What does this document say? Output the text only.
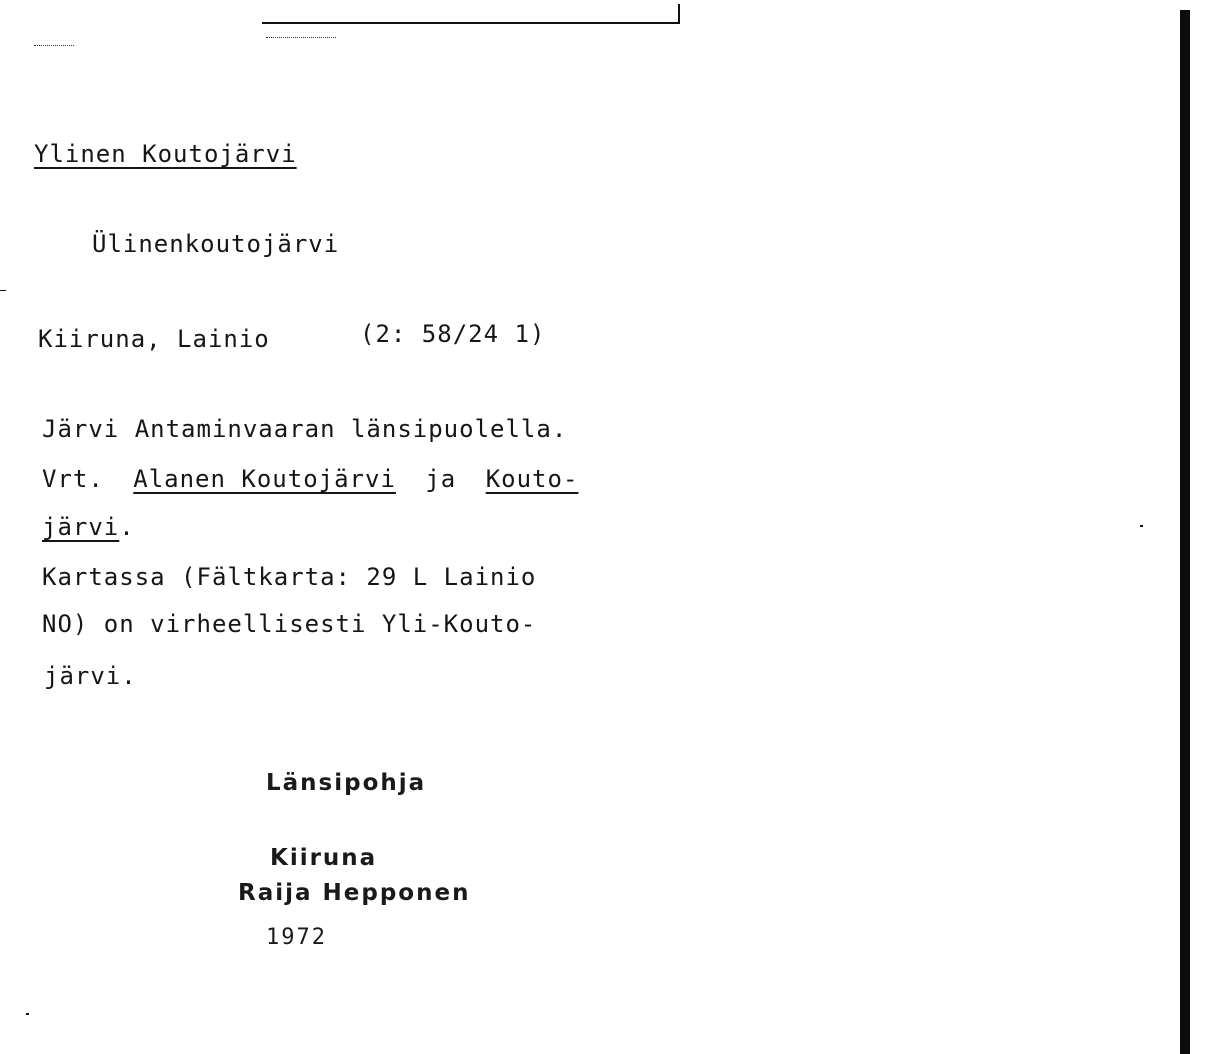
Ylinen Koutojärvi
Ülinenkoutojärvi
Kiiruna, Lainio	(2: 58/24 1)
Järvi Antaminvaaran länsipuolella.
Vrt. Alanen Koutojärvi ja Kouto-
järvi.
Kartassa (Fältkarta: 29 L Lainio
NO) on virheellisesti Yli-Kouto-
järvi.
Länsipohja
Kiiruna
Raija Hepponen
1972
